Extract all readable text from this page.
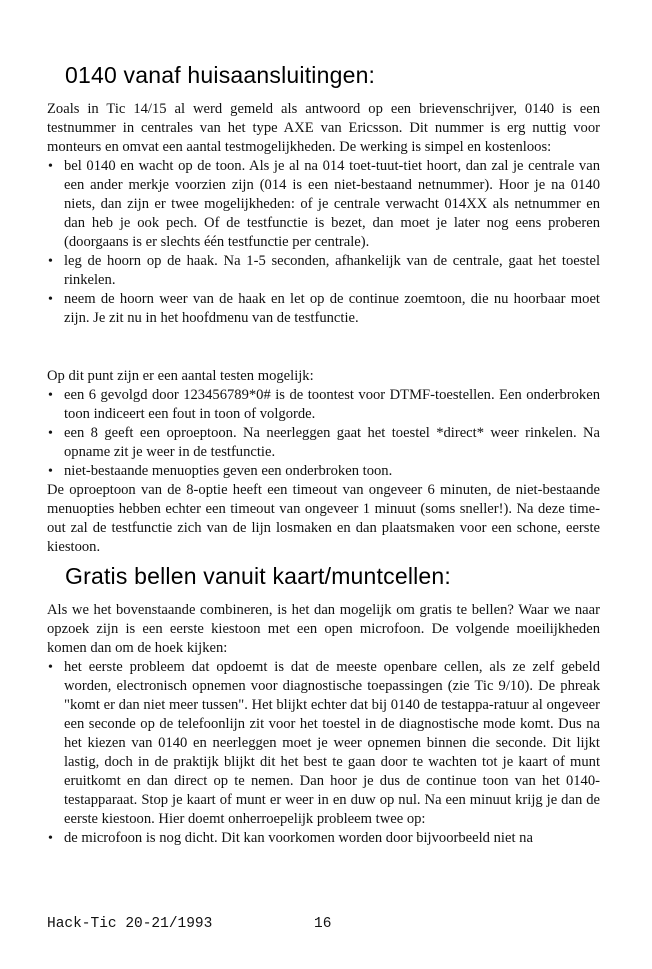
0140 vanaf huisaansluitingen:

Zoals in Tic 14/15 al werd gemeld als antwoord op een brievenschrijver, 0140 is een testnummer in centrales van het type AXE van Ericsson. Dit nummer is erg nuttig voor monteurs en omvat een aantal testmogelijkheden. De werking is simpel en kostenloos:

• bel 0140 en wacht op de toon. Als je al na 014 toet-tuut-tiet hoort, dan zal je centrale van een ander merkje voorzien zijn (014 is een niet-bestaand netnummer). Hoor je na 0140 niets, dan zijn er twee mogelijkheden: of je centrale verwacht 014XX als netnummer en dan heb je ook pech. Of de testfunctie is bezet, dan moet je later nog eens proberen (doorgaans is er slechts één testfunctie per centrale).
• leg de hoorn op de haak. Na 1-5 seconden, afhankelijk van de centrale, gaat het toestel rinkelen.
• neem de hoorn weer van de haak en let op de continue zoemtoon, die nu hoorbaar moet zijn. Je zit nu in het hoofdmenu van de testfunctie.

Op dit punt zijn er een aantal testen mogelijk:

• een 6 gevolgd door 123456789*0# is de toontest voor DTMF-toestellen. Een onderbroken toon indiceert een fout in toon of volgorde.
• een 8 geeft een oproeptoon. Na neerleggen gaat het toestel *direct* weer rinkelen. Na opname zit je weer in de testfunctie.
• niet-bestaande menuopties geven een onderbroken toon.

De oproeptoon van de 8-optie heeft een timeout van ongeveer 6 minuten, de niet-bestaande menuopties hebben echter een timeout van ongeveer 1 minuut (soms sneller!). Na deze time-out zal de testfunctie zich van de lijn losmaken en dan plaatsmaken voor een schone, eerste kiestoon.

Gratis bellen vanuit kaart/muntcellen:

Als we het bovenstaande combineren, is het dan mogelijk om gratis te bellen? Waar we naar opzoek zijn is een eerste kiestoon met een open microfoon. De volgende moeilijkheden komen dan om de hoek kijken:

• het eerste probleem dat opdoemt is dat de meeste openbare cellen, als ze zelf gebeld worden, electronisch opnemen voor diagnostische toepassingen (zie Tic 9/10). De phreak "komt er dan niet meer tussen". Het blijkt echter dat bij 0140 de testappa-ratuur al ongeveer een seconde op de telefoonlijn zit voor het toestel in de diagnostische mode komt. Dus na het kiezen van 0140 en neerleggen moet je weer opnemen binnen die seconde. Dit lijkt lastig, doch in de praktijk blijkt dit het best te gaan door te wachten tot je kaart of munt eruitkomt en dan direct op te nemen. Dan hoor je dus de continue toon van het 0140-testapparaat. Stop je kaart of munt er weer in en duw op nul. Na een minuut krijg je dan de eerste kiestoon. Hier doemt onherroepelijk probleem twee op:
• de microfoon is nog dicht. Dit kan voorkomen worden door bijvoorbeeld niet na
Hack-Tic 20-21/1993	16
